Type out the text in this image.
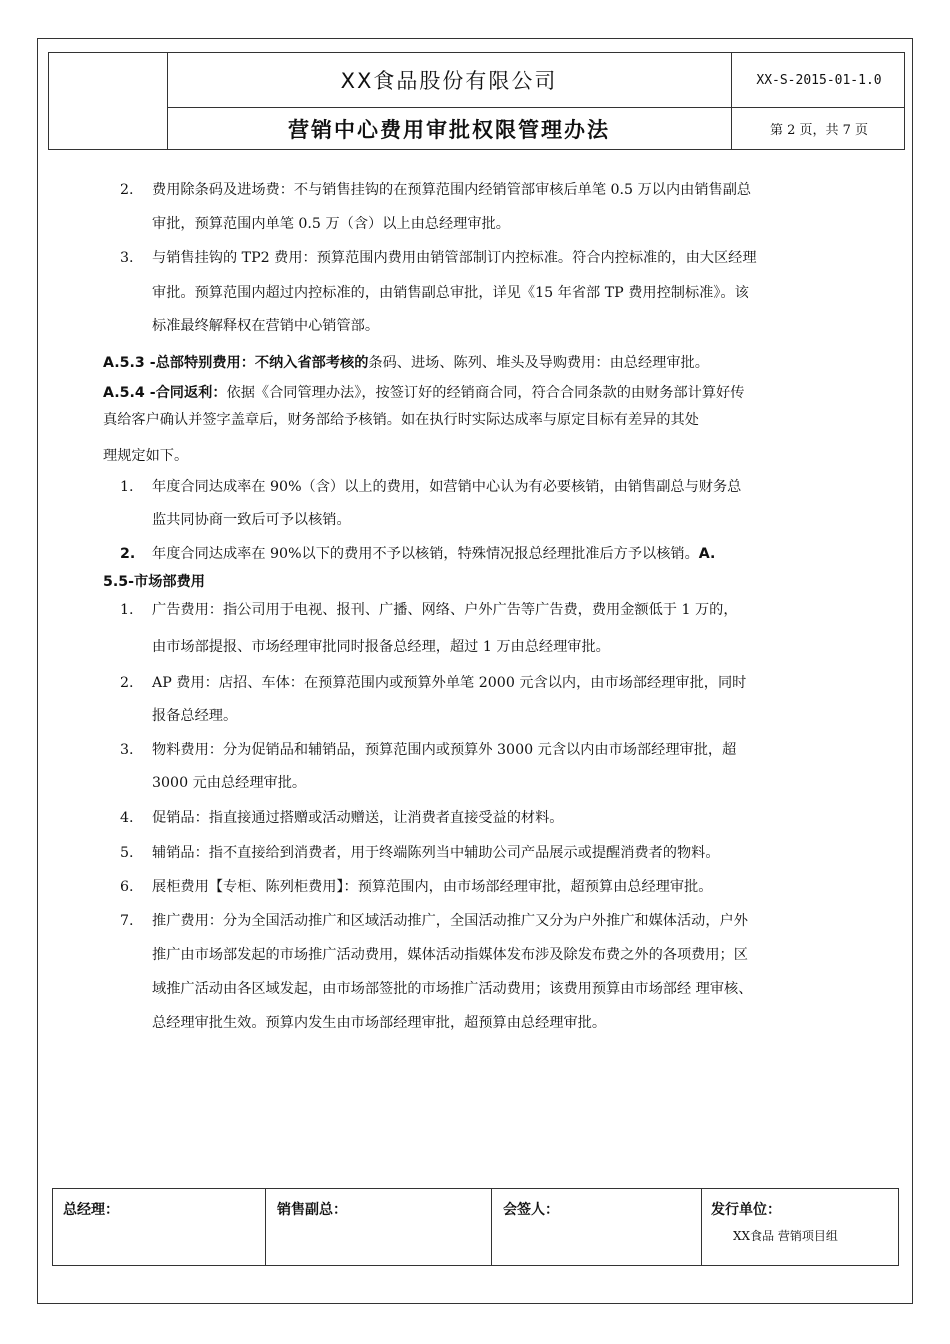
XX食品股份有限公司
营销中心费用审批权限管理办法
XX-S-2015-01-1.0
第 2 页，共 7 页
2. 费用除条码及进场费：不与销售挂钩的在预算范围内经销管部审核后单笔 0.5 万以内由销售副总
审批，预算范围内单笔 0.5 万（含）以上由总经理审批。
3. 与销售挂钩的 TP2 费用：预算范围内费用由销管部制订内控标准。符合内控标准的，由大区经理
审批。预算范围内超过内控标准的，由销售副总审批，详见《15 年省部 TP 费用控制标准》。该
标准最终解释权在营销中心销管部。
A.5.3 -总部特别费用：不纳入省部考核的条码、进场、陈列、堆头及导购费用：由总经理审批。
A.5.4 -合同返利：依据《合同管理办法》，按签订好的经销商合同，符合合同条款的由财务部计算好传
真给客户确认并签字盖章后，财务部给予核销。如在执行时实际达成率与原定目标有差异的其处
理规定如下。
1. 年度合同达成率在 90%（含）以上的费用，如营销中心认为有必要核销，由销售副总与财务总
监共同协商一致后可予以核销。
2. 年度合同达成率在 90%以下的费用不予以核销，特殊情况报总经理批准后方予以核销。A.
5.5-市场部费用
1. 广告费用：指公司用于电视、报刊、广播、网络、户外广告等广告费，费用金额低于 1 万的，
由市场部提报、市场经理审批同时报备总经理，超过 1 万由总经理审批。
2. AP 费用：店招、车体：在预算范围内或预算外单笔 2000 元含以内，由市场部经理审批，同时
报备总经理。
3. 物料费用：分为促销品和辅销品，预算范围内或预算外 3000 元含以内由市场部经理审批，超
3000 元由总经理审批。
4. 促销品：指直接通过搭赠或活动赠送，让消费者直接受益的材料。
5. 辅销品：指不直接给到消费者，用于终端陈列当中辅助公司产品展示或提醒消费者的物料。
6. 展柜费用【专柜、陈列柜费用】：预算范围内，由市场部经理审批，超预算由总经理审批。
7. 推广费用：分为全国活动推广和区域活动推广，全国活动推广又分为户外推广和媒体活动，户外
推广由市场部发起的市场推广活动费用，媒体活动指媒体发布涉及除发布费之外的各项费用；区
域推广活动由各区域发起，由市场部签批的市场推广活动费用；该费用预算由市场部经 理审核、
总经理审批生效。预算内发生由市场部经理审批，超预算由总经理审批。
总经理：	销售副总：	会签人：	发行单位：
XX食品 营销项目组
